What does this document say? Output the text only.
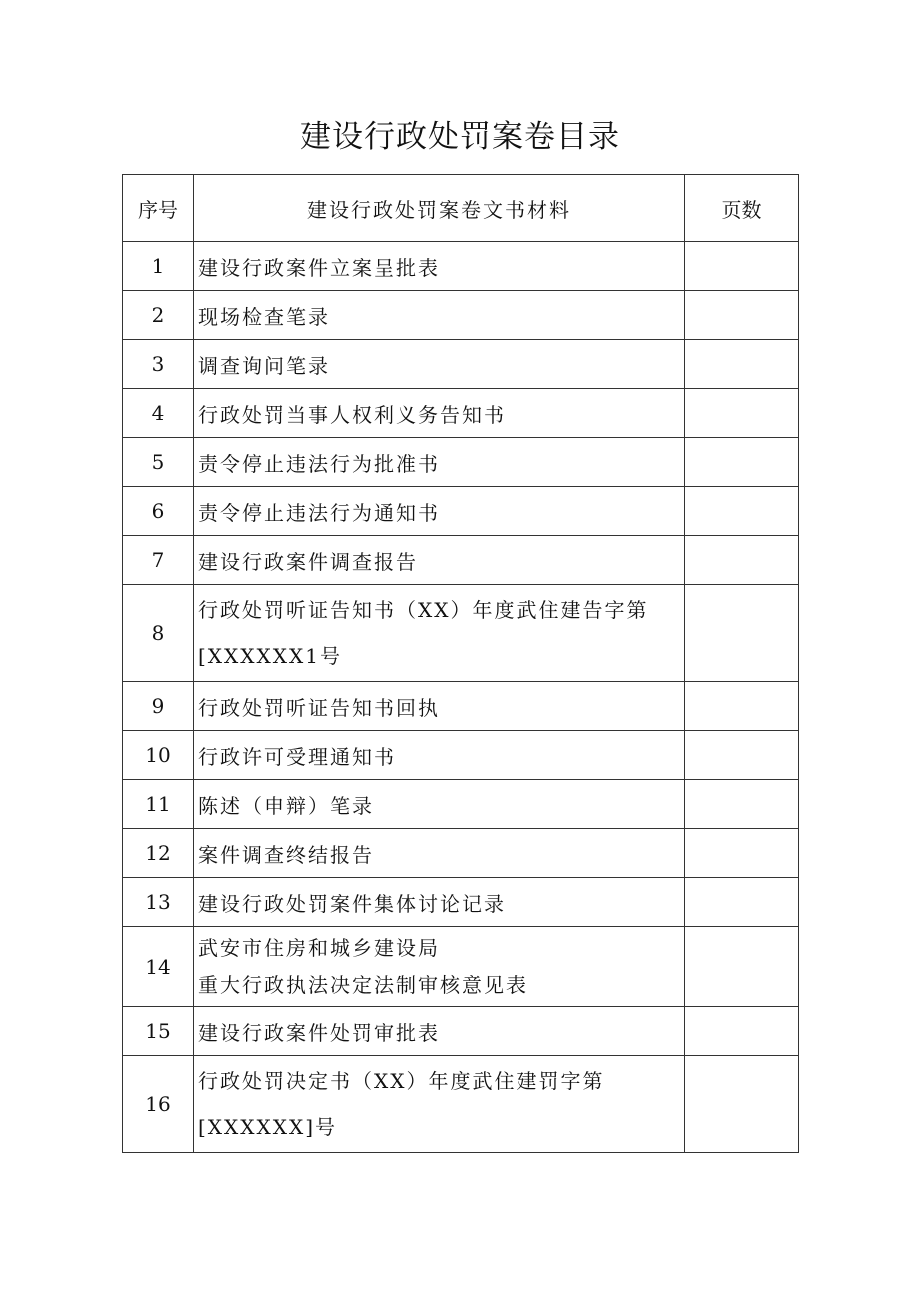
建设行政处罚案卷目录
序号	建设行政处罚案卷文书材料	页数
1	建设行政案件立案呈批表	

2	现场检查笔录	

3	调查询问笔录	

4	行政处罚当事人权利义务告知书	

5	责令停止违法行为批准书	

6	责令停止违法行为通知书	

7	建设行政案件调查报告	

8	行政处罚听证告知书（XX）年度武住建告字第
[XXXXXX1号	

9	行政处罚听证告知书回执	

10	行政许可受理通知书	

11	陈述（申辩）笔录	

12	案件调查终结报告	

13	建设行政处罚案件集体讨论记录	

14	武安市住房和城乡建设局
重大行政执法决定法制审核意见表	

15	建设行政案件处罚审批表	

16	行政处罚决定书（XX）年度武住建罚字第
[XXXXXX]号	
